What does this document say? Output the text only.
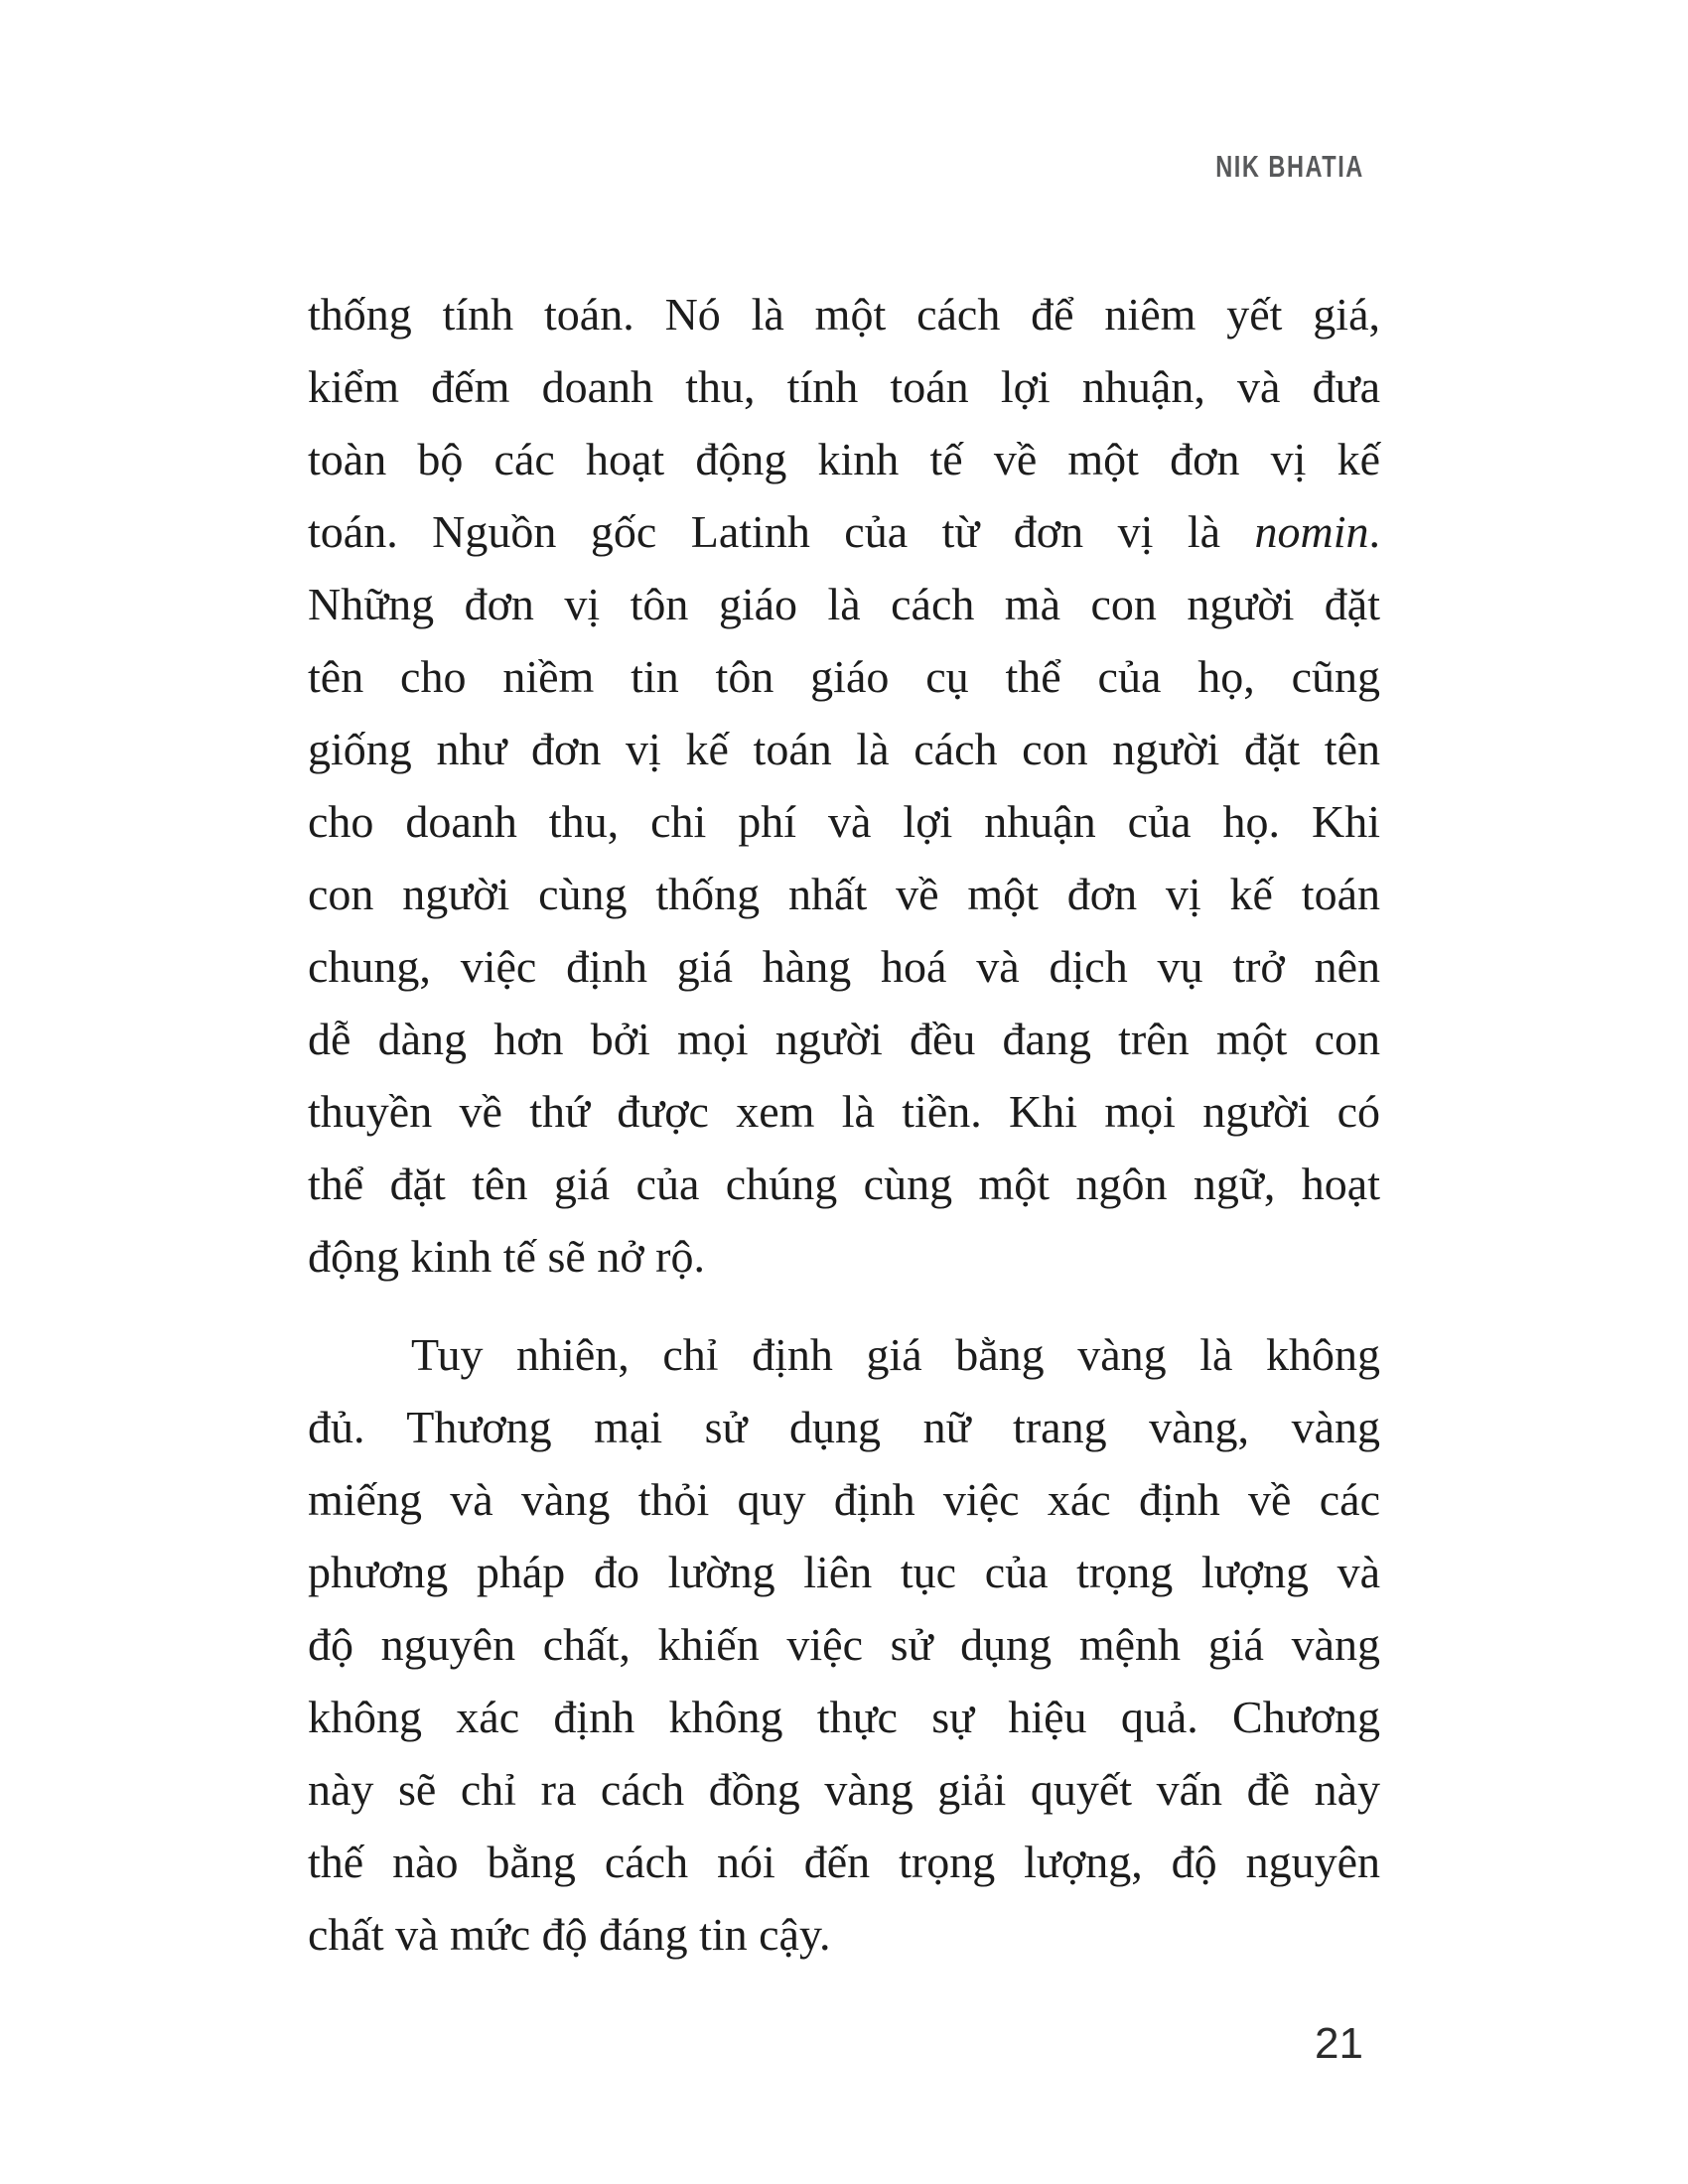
NIK BHATIA
thống tính toán. Nó là một cách để niêm yết giá,
kiểm đếm doanh thu, tính toán lợi nhuận, và đưa
toàn bộ các hoạt động kinh tế về một đơn vị kế
toán. Nguồn gốc Latinh của từ đơn vị là nomin.
Những đơn vị tôn giáo là cách mà con người đặt
tên cho niềm tin tôn giáo cụ thể của họ, cũng
giống như đơn vị kế toán là cách con người đặt tên
cho doanh thu, chi phí và lợi nhuận của họ. Khi
con người cùng thống nhất về một đơn vị kế toán
chung, việc định giá hàng hoá và dịch vụ trở nên
dễ dàng hơn bởi mọi người đều đang trên một con
thuyền về thứ được xem là tiền. Khi mọi người có
thể đặt tên giá của chúng cùng một ngôn ngữ, hoạt
động kinh tế sẽ nở rộ.
Tuy nhiên, chỉ định giá bằng vàng là không
đủ. Thương mại sử dụng nữ trang vàng, vàng
miếng và vàng thỏi quy định việc xác định về các
phương pháp đo lường liên tục của trọng lượng và
độ nguyên chất, khiến việc sử dụng mệnh giá vàng
không xác định không thực sự hiệu quả. Chương
này sẽ chỉ ra cách đồng vàng giải quyết vấn đề này
thế nào bằng cách nói đến trọng lượng, độ nguyên
chất và mức độ đáng tin cậy.
21
